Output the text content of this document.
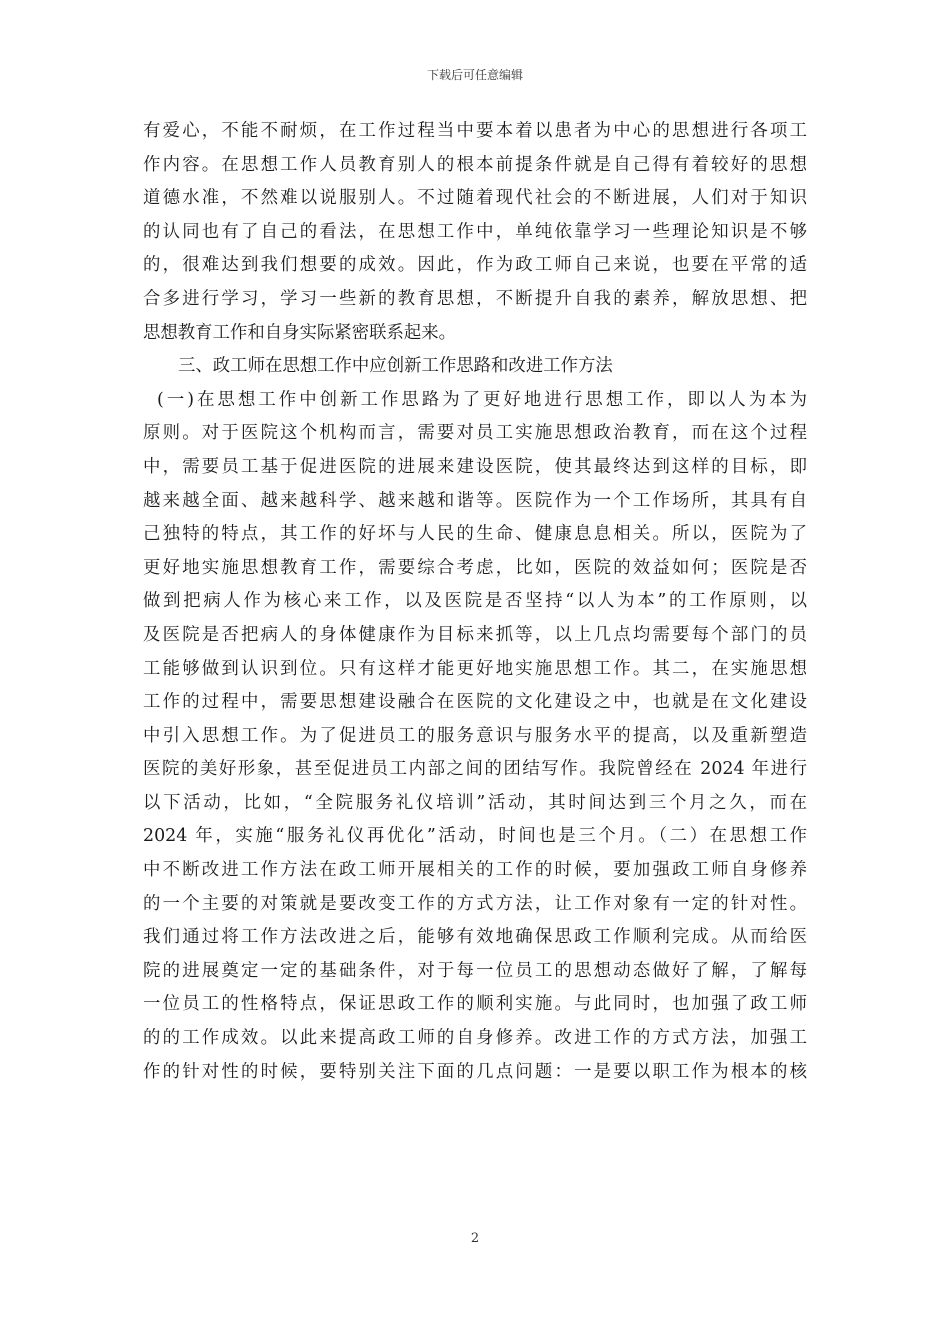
下载后可任意编辑
有爱心，不能不耐烦，在工作过程当中要本着以患者为中心的思想进行各项工
作内容。在思想工作人员教育别人的根本前提条件就是自己得有着较好的思想
道德水准，不然难以说服别人。不过随着现代社会的不断进展，人们对于知识
的认同也有了自己的看法，在思想工作中，单纯依靠学习一些理论知识是不够
的，很难达到我们想要的成效。因此，作为政工师自己来说，也要在平常的适
合多进行学习，学习一些新的教育思想，不断提升自我的素养，解放思想、把
思想教育工作和自身实际紧密联系起来。
三、政工师在思想工作中应创新工作思路和改进工作方法
(一)在思想工作中创新工作思路为了更好地进行思想工作，即以人为本为
原则。对于医院这个机构而言，需要对员工实施思想政治教育，而在这个过程
中，需要员工基于促进医院的进展来建设医院，使其最终达到这样的目标，即
越来越全面、越来越科学、越来越和谐等。医院作为一个工作场所，其具有自
己独特的特点，其工作的好坏与人民的生命、健康息息相关。所以，医院为了
更好地实施思想教育工作，需要综合考虑，比如，医院的效益如何；医院是否
做到把病人作为核心来工作，以及医院是否坚持“以人为本”的工作原则，以
及医院是否把病人的身体健康作为目标来抓等，以上几点均需要每个部门的员
工能够做到认识到位。只有这样才能更好地实施思想工作。其二，在实施思想
工作的过程中，需要思想建设融合在医院的文化建设之中，也就是在文化建设
中引入思想工作。为了促进员工的服务意识与服务水平的提高，以及重新塑造
医院的美好形象，甚至促进员工内部之间的团结写作。我院曾经在 2024 年进行
以下活动，比如，“全院服务礼仪培训”活动，其时间达到三个月之久，而在
2024 年，实施“服务礼仪再优化”活动，时间也是三个月。（二）在思想工作
中不断改进工作方法在政工师开展相关的工作的时候，要加强政工师自身修养
的一个主要的对策就是要改变工作的方式方法，让工作对象有一定的针对性。
我们通过将工作方法改进之后，能够有效地确保思政工作顺利完成。从而给医
院的进展奠定一定的基础条件，对于每一位员工的思想动态做好了解，了解每
一位员工的性格特点，保证思政工作的顺利实施。与此同时，也加强了政工师
的的工作成效。以此来提高政工师的自身修养。改进工作的方式方法，加强工
作的针对性的时候，要特别关注下面的几点问题：一是要以职工作为根本的核
2
